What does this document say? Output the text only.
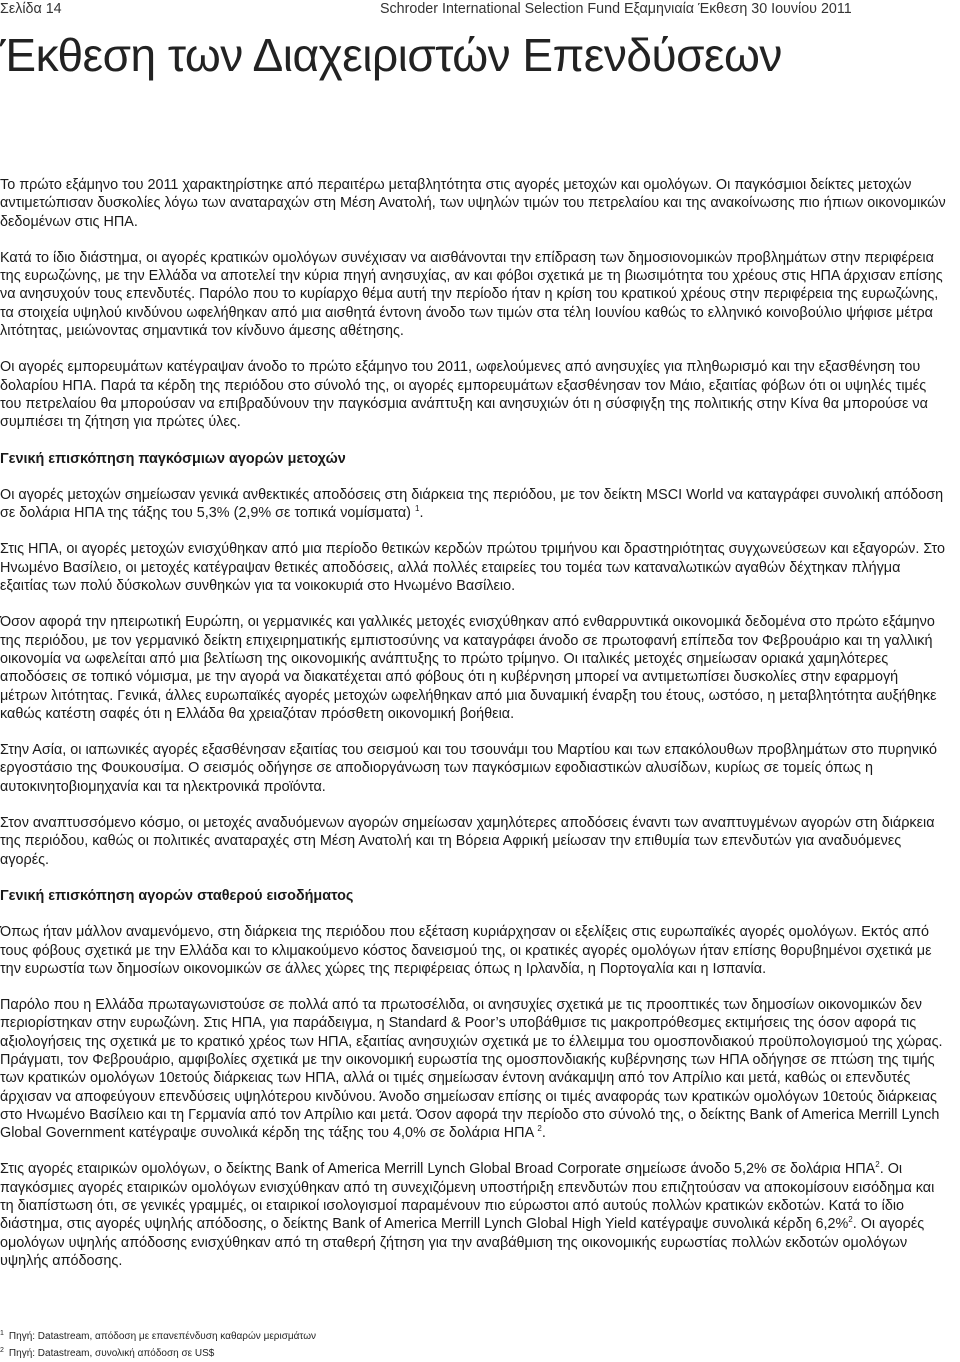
Σελίδα 14	Schroder International Selection Fund Εξαμηνιαία Έκθεση 30 Ιουνίου 2011
Έκθεση των Διαχειριστών Επενδύσεων

Το πρώτο εξάμηνο του 2011 χαρακτηρίστηκε από περαιτέρω μεταβλητότητα στις αγορές μετοχών και ομολόγων. Οι παγκόσμιοι δείκτες μετοχών αντιμετώπισαν δυσκολίες λόγω των αναταραχών στη Μέση Ανατολή, των υψηλών τιμών του πετρελαίου και της ανακοίνωσης πιο ήπιων οικονομικών δεδομένων στις ΗΠΑ.

Κατά το ίδιο διάστημα, οι αγορές κρατικών ομολόγων συνέχισαν να αισθάνονται την επίδραση των δημοσιονομικών προβλημάτων στην περιφέρεια της ευρωζώνης, με την Ελλάδα να αποτελεί την κύρια πηγή ανησυχίας, αν και φόβοι σχετικά με τη βιωσιμότητα του χρέους στις ΗΠΑ άρχισαν επίσης να ανησυχούν τους επενδυτές. Παρόλο που το κυρίαρχο θέμα αυτή την περίοδο ήταν η κρίση του κρατικού χρέους στην περιφέρεια της ευρωζώνης, τα στοιχεία υψηλού κινδύνου ωφελήθηκαν από μια αισθητά έντονη άνοδο των τιμών στα τέλη Ιουνίου καθώς το ελληνικό κοινοβούλιο ψήφισε μέτρα λιτότητας, μειώνοντας σημαντικά τον κίνδυνο άμεσης αθέτησης.

Οι αγορές εμπορευμάτων κατέγραψαν άνοδο το πρώτο εξάμηνο του 2011, ωφελούμενες από ανησυχίες για πληθωρισμό και την εξασθένηση του δολαρίου ΗΠΑ. Παρά τα κέρδη της περιόδου στο σύνολό της, οι αγορές εμπορευμάτων εξασθένησαν τον Μάιο, εξαιτίας φόβων ότι οι υψηλές τιμές του πετρελαίου θα μπορούσαν να επιβραδύνουν την παγκόσμια ανάπτυξη και ανησυχιών ότι η σύσφιγξη της πολιτικής στην Κίνα θα μπορούσε να συμπιέσει τη ζήτηση για πρώτες ύλες.

Γενική επισκόπηση παγκόσμιων αγορών μετοχών

Οι αγορές μετοχών σημείωσαν γενικά ανθεκτικές αποδόσεις στη διάρκεια της περιόδου, με τον δείκτη MSCI World να καταγράφει συνολική απόδοση σε δολάρια ΗΠΑ της τάξης του 5,3% (2,9% σε τοπικά νομίσματα) $^1$.

Στις ΗΠΑ, οι αγορές μετοχών ενισχύθηκαν από μια περίοδο θετικών κερδών πρώτου τριμήνου και δραστηριότητας συγχωνεύσεων και εξαγορών. Στο Ηνωμένο Βασίλειο, οι μετοχές κατέγραψαν θετικές αποδόσεις, αλλά πολλές εταιρείες του τομέα των καταναλωτικών αγαθών δέχτηκαν πλήγμα εξαιτίας των πολύ δύσκολων συνθηκών για τα νοικοκυριά στο Ηνωμένο Βασίλειο.

Όσον αφορά την ηπειρωτική Ευρώπη, οι γερμανικές και γαλλικές μετοχές ενισχύθηκαν από ενθαρρυντικά οικονομικά δεδομένα στο πρώτο εξάμηνο της περιόδου, με τον γερμανικό δείκτη επιχειρηματικής εμπιστοσύνης να καταγράφει άνοδο σε πρωτοφανή επίπεδα τον Φεβρουάριο και τη γαλλική οικονομία να ωφελείται από μια βελτίωση της οικονομικής ανάπτυξης το πρώτο τρίμηνο. Οι ιταλικές μετοχές σημείωσαν οριακά χαμηλότερες αποδόσεις σε τοπικό νόμισμα, με την αγορά να διακατέχεται από φόβους ότι η κυβέρνηση μπορεί να αντιμετωπίσει δυσκολίες στην εφαρμογή μέτρων λιτότητας. Γενικά, άλλες ευρωπαϊκές αγορές μετοχών ωφελήθηκαν από μια δυναμική έναρξη του έτους, ωστόσο, η μεταβλητότητα αυξήθηκε καθώς κατέστη σαφές ότι η Ελλάδα θα χρειαζόταν πρόσθετη οικονομική βοήθεια.

Στην Ασία, οι ιαπωνικές αγορές εξασθένησαν εξαιτίας του σεισμού και του τσουνάμι του Μαρτίου και των επακόλουθων προβλημάτων στο πυρηνικό εργοστάσιο της Φουκουσίμα. Ο σεισμός οδήγησε σε αποδιοργάνωση των παγκόσμιων εφοδιαστικών αλυσίδων, κυρίως σε τομείς όπως η αυτοκινητοβιομηχανία και τα ηλεκτρονικά προϊόντα.

Στον αναπτυσσόμενο κόσμο, οι μετοχές αναδυόμενων αγορών σημείωσαν χαμηλότερες αποδόσεις έναντι των αναπτυγμένων αγορών στη διάρκεια της περιόδου, καθώς οι πολιτικές αναταραχές στη Μέση Ανατολή και τη Βόρεια Αφρική μείωσαν την επιθυμία των επενδυτών για αναδυόμενες αγορές.

Γενική επισκόπηση αγορών σταθερού εισοδήματος

Όπως ήταν μάλλον αναμενόμενο, στη διάρκεια της περιόδου που εξέταση κυριάρχησαν οι εξελίξεις στις ευρωπαϊκές αγορές ομολόγων. Εκτός από τους φόβους σχετικά με την Ελλάδα και το κλιμακούμενο κόστος δανεισμού της, οι κρατικές αγορές ομολόγων ήταν επίσης θορυβημένοι σχετικά με την ευρωστία των δημοσίων οικονομικών σε άλλες χώρες της περιφέρειας όπως η Ιρλανδία, η Πορτογαλία και η Ισπανία.

Παρόλο που η Ελλάδα πρωταγωνιστούσε σε πολλά από τα πρωτοσέλιδα, οι ανησυχίες σχετικά με τις προοπτικές των δημοσίων οικονομικών δεν περιορίστηκαν στην ευρωζώνη. Στις ΗΠΑ, για παράδειγμα, η Standard & Poor’s υποβάθμισε τις μακροπρόθεσμες εκτιμήσεις της όσον αφορά τις αξιολογήσεις της σχετικά με το κρατικό χρέος των ΗΠΑ, εξαιτίας ανησυχιών σχετικά με το έλλειμμα του ομοσπονδιακού προϋπολογισμού της χώρας. Πράγματι, τον Φεβρουάριο, αμφιβολίες σχετικά με την οικονομική ευρωστία της ομοσπονδιακής κυβέρνησης των ΗΠΑ οδήγησε σε πτώση της τιμής των κρατικών ομολόγων 10ετούς διάρκειας των ΗΠΑ, αλλά οι τιμές σημείωσαν έντονη ανάκαμψη από τον Απρίλιο και μετά, καθώς οι επενδυτές άρχισαν να αποφεύγουν επενδύσεις υψηλότερου κινδύνου. Άνοδο σημείωσαν επίσης οι τιμές αναφοράς των κρατικών ομολόγων 10ετούς διάρκειας στο Ηνωμένο Βασίλειο και τη Γερμανία από τον Απρίλιο και μετά. Όσον αφορά την περίοδο στο σύνολό της, ο δείκτης Bank of America Merrill Lynch Global Government κατέγραψε συνολικά κέρδη της τάξης του 4,0% σε δολάρια ΗΠΑ $^2$.

Στις αγορές εταιρικών ομολόγων, ο δείκτης Bank of America Merrill Lynch Global Broad Corporate σημείωσε άνοδο 5,2% σε δολάρια ΗΠΑ$^2$. Οι παγκόσμιες αγορές εταιρικών ομολόγων ενισχύθηκαν από τη συνεχιζόμενη υποστήριξη επενδυτών που επιζητούσαν να αποκομίσουν εισόδημα και τη διαπίστωση ότι, σε γενικές γραμμές, οι εταιρικοί ισολογισμοί παραμένουν πιο εύρωστοι από αυτούς πολλών κρατικών εκδοτών. Κατά το ίδιο διάστημα, στις αγορές υψηλής απόδοσης, ο δείκτης Bank of America Merrill Lynch Global High Yield κατέγραψε συνολικά κέρδη 6,2%$^2$. Οι αγορές ομολόγων υψηλής απόδοσης ενισχύθηκαν από τη σταθερή ζήτηση για την αναβάθμιση της οικονομικής ευρωστίας πολλών εκδοτών ομολόγων υψηλής απόδοσης.

$^1$ Πηγή: Datastream, απόδοση με επανεπένδυση καθαρών μερισμάτων
$^2$ Πηγή: Datastream, συνολική απόδοση σε US$
